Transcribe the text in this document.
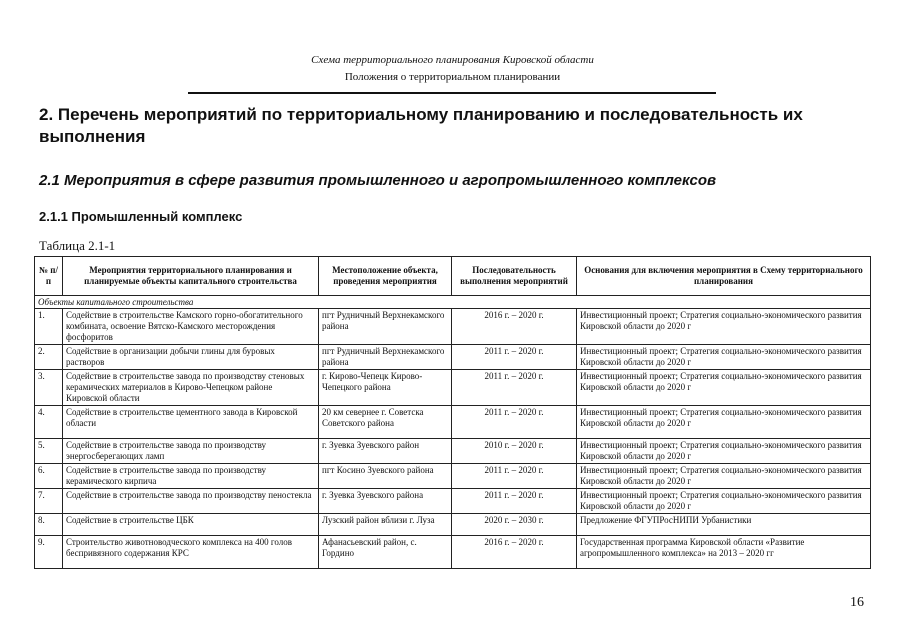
Схема территориального планирования Кировской области
Положения о территориальном планировании
2. Перечень мероприятий по территориальному планированию и последовательность их выполнения
2.1 Мероприятия в сфере развития промышленного и агропромышленного комплексов
2.1.1 Промышленный комплекс
Таблица 2.1-1
№ п/п	Мероприятия территориального планирования и планируемые объекты капитального строительства	Местоположение объекта, проведения мероприятия	Последовательность выполнения мероприятий	Основания для включения мероприятия в Схему территориального планирования
Объекты капитального строительства				
1.	Содействие в строительстве Камского горно-обогатительного комбината, освоение Вятско-Камского месторождения фосфоритов	пгт Рудничный Верхнекамского района	2016 г. – 2020 г.	Инвестиционный проект; Стратегия социально-экономического развития Кировской области до 2020 г
2.	Содействие в организации добычи глины для буровых растворов	пгт Рудничный Верхнекамского района	2011 г. – 2020 г.	Инвестиционный проект; Стратегия социально-экономического развития Кировской области до 2020 г
3.	Содействие в строительстве завода по производству стеновых керамических материалов в Кирово-Чепецком районе Кировской области	г. Кирово-Чепецк Кирово-Чепецкого района	2011 г. – 2020 г.	Инвестиционный проект; Стратегия социально-экономического развития Кировской области до 2020 г
4.	Содействие в строительстве цементного завода в Кировской области	20 км севернее г. Советска Советского района	2011 г. – 2020 г.	Инвестиционный проект; Стратегия социально-экономического развития Кировской области до 2020 г
5.	Содействие в строительстве завода по производству энергосберегающих ламп	г. Зуевка Зуевского район	2010 г. – 2020 г.	Инвестиционный проект; Стратегия социально-экономического развития Кировской области до 2020 г
6.	Содействие в строительстве завода по производству керамического кирпича	пгт Косино Зуевского района	2011 г. – 2020 г.	Инвестиционный проект; Стратегия социально-экономического развития Кировской области до 2020 г
7.	Содействие в строительстве завода по производству пеностекла	г. Зуевка Зуевского района	2011 г. – 2020 г.	Инвестиционный проект; Стратегия социально-экономического развития Кировской области до 2020 г
8.	Содействие в строительстве ЦБК	Лузский район вблизи г. Луза	2020 г. – 2030 г.	Предложение ФГУПРосНИПИ Урбанистики
9.	Строительство животноводческого комплекса на 400 голов беспривязного содержания КРС	Афанасьевский район, с. Гордино	2016 г. – 2020 г.	Государственная программа Кировской области «Развитие агропромышленного комплекса» на 2013 – 2020 гг
16
